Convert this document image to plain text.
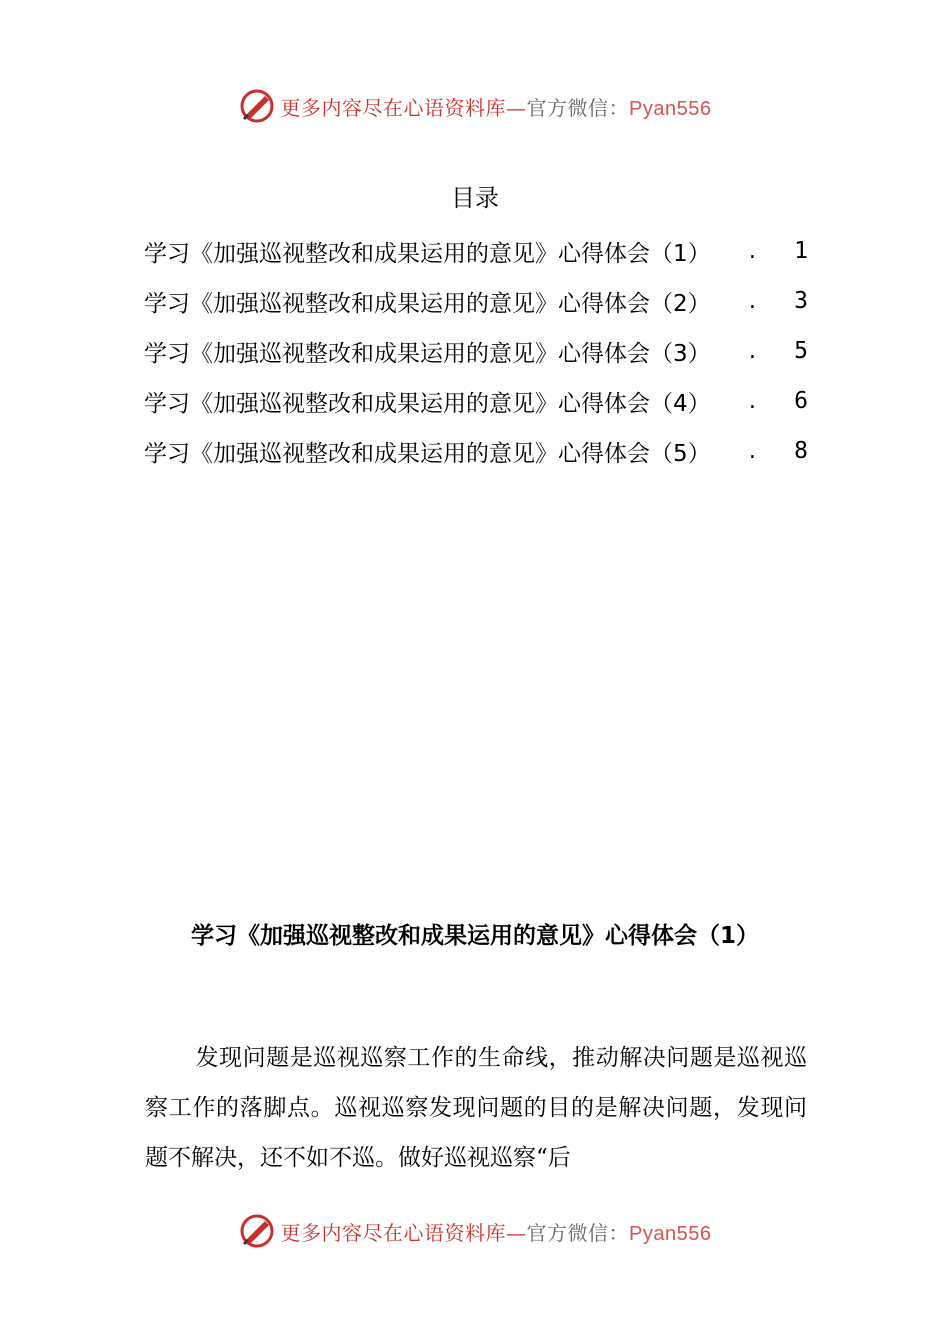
更多内容尽在心语资料库—官方微信：Pyan556
目录
学习《加强巡视整改和成果运用的意见》心得体会（1）	.	1
学习《加强巡视整改和成果运用的意见》心得体会（2）	.	3
学习《加强巡视整改和成果运用的意见》心得体会（3）	.	5
学习《加强巡视整改和成果运用的意见》心得体会（4）	.	6
学习《加强巡视整改和成果运用的意见》心得体会（5）	.	8
学习《加强巡视整改和成果运用的意见》心得体会（1）
发现问题是巡视巡察工作的生命线，推动解决问题是巡视巡察工作的落脚点。巡视巡察发现问题的目的是解决问题，发现问题不解决，还不如不巡。做好巡视巡察“后
更多内容尽在心语资料库—官方微信：Pyan556
